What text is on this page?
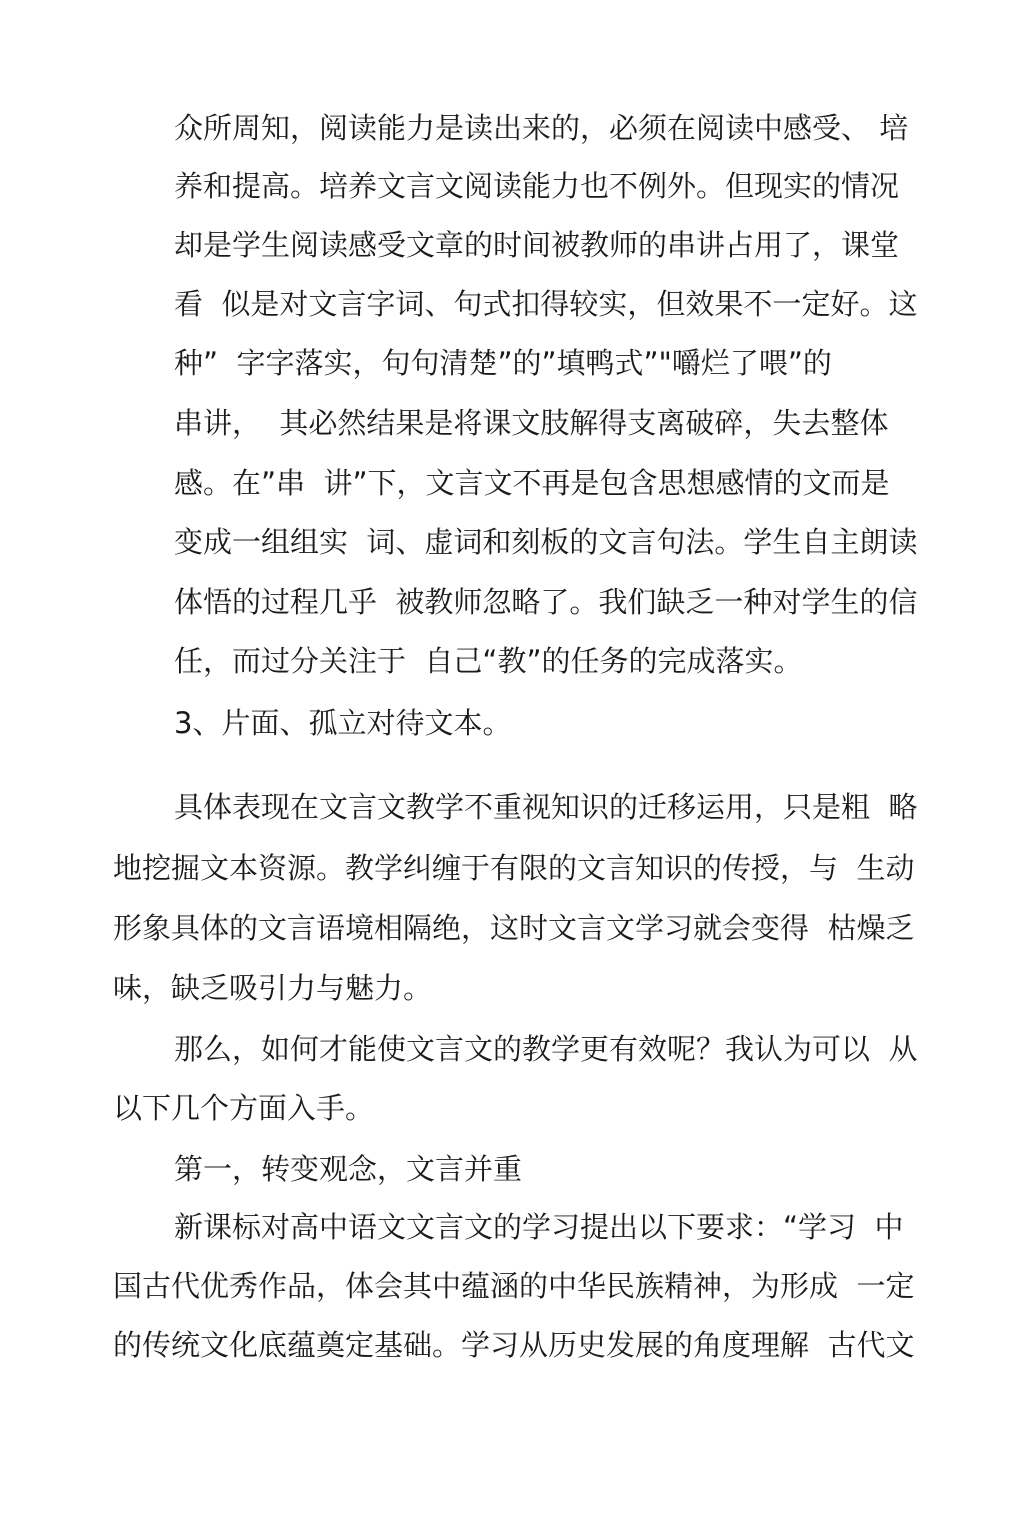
众所周知，阅读能力是读出来的，必须在阅读中感受、 培
养和提高。培养文言文阅读能力也不例外。但现实的情况
却是学生阅读感受文章的时间被教师的串讲占用了，课堂
看  似是对文言字词、句式扣得较实，但效果不一定好。这
种”  字字落实，句句清楚”的”填鸭式”"嚼烂了喂”的
串讲，  其必然结果是将课文肢解得支离破碎，失去整体
感。在”串  讲”下，文言文不再是包含思想感情的文而是
变成一组组实  词、虚词和刻板的文言句法。学生自主朗读
体悟的过程几乎  被教师忽略了。我们缺乏一种对学生的信
任，而过分关注于  自己“教”的任务的完成落实。
3、片面、孤立对待文本。
具体表现在文言文教学不重视知识的迁移运用，只是粗  略
地挖掘文本资源。教学纠缠于有限的文言知识的传授，与  生动
形象具体的文言语境相隔绝，这时文言文学习就会变得  枯燥乏
味，缺乏吸引力与魅力。
那么，如何才能使文言文的教学更有效呢？我认为可以  从
以下几个方面入手。
第一，转变观念，文言并重
新课标对高中语文文言文的学习提出以下要求：“学习  中
国古代优秀作品，体会其中蕴涵的中华民族精神，为形成  一定
的传统文化底蕴奠定基础。学习从历史发展的角度理解  古代文
